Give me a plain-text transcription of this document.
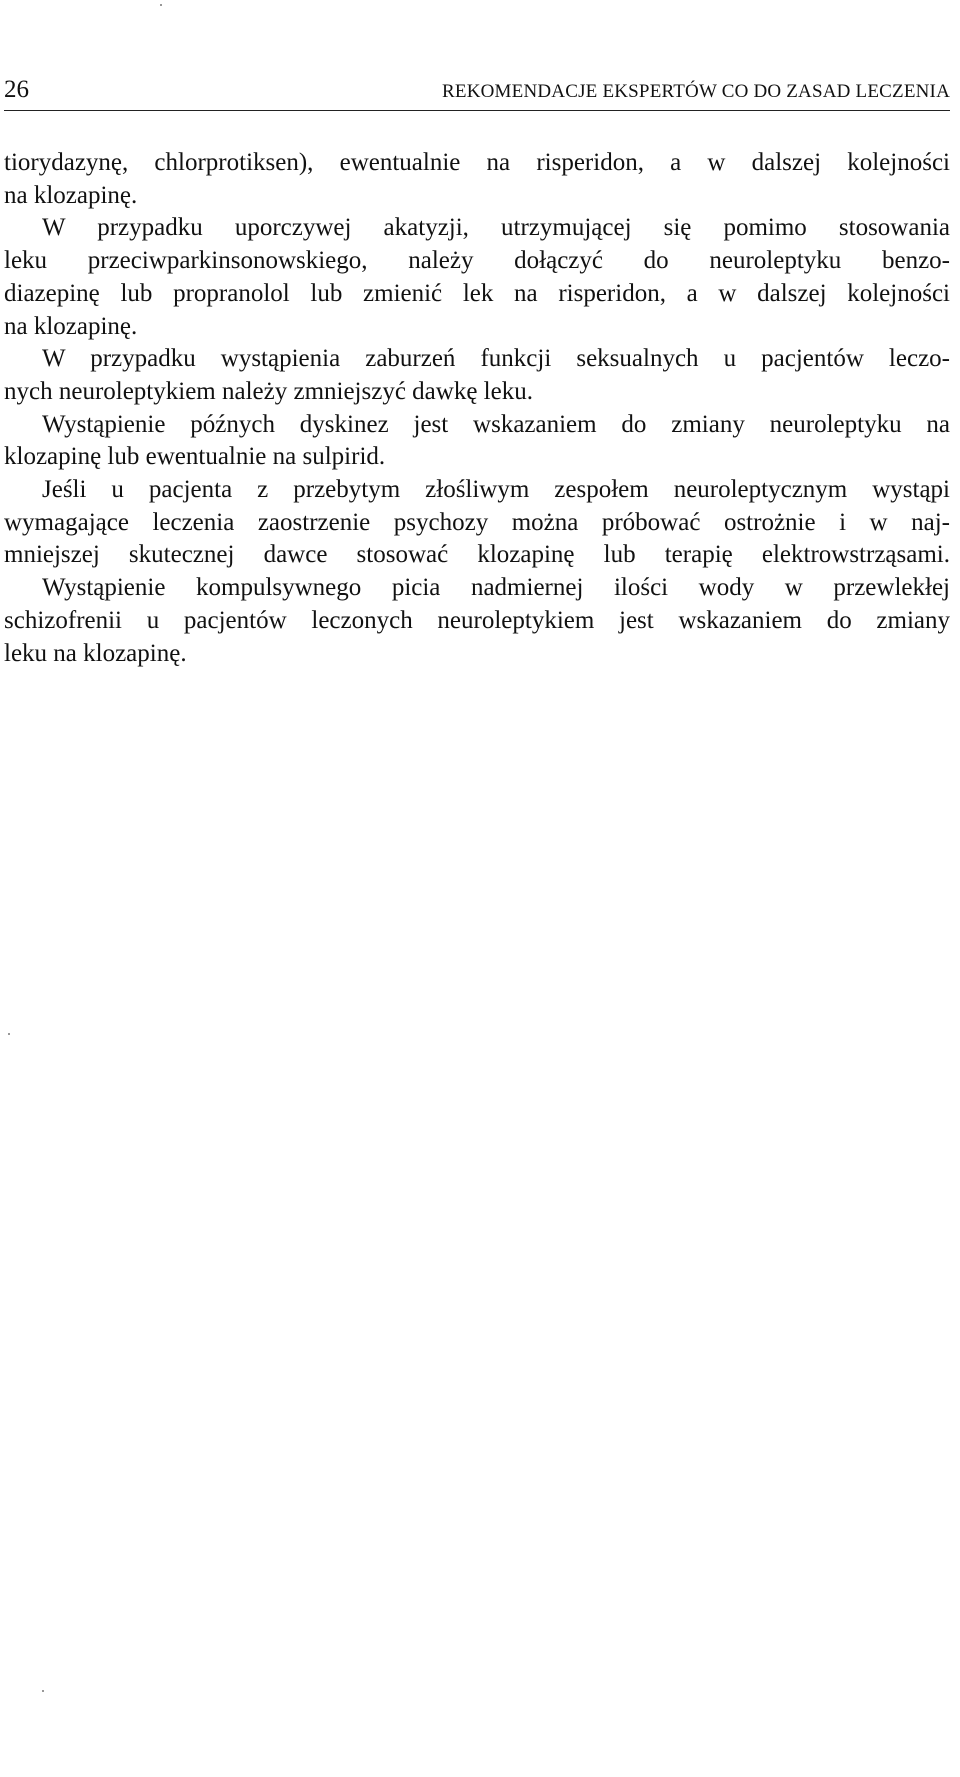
26	REKOMENDACJE EKSPERTÓW CO DO ZASAD LECZENIA
tiorydazynę, chlorprotiksen), ewentualnie na risperidon, a w dalszej kolejności
na klozapinę.
W przypadku uporczywej akatyzji, utrzymującej się pomimo stosowania
leku przeciwparkinsonowskiego, należy dołączyć do neuroleptyku benzo-
diazepinę lub propranolol lub zmienić lek na risperidon, a w dalszej kolejności
na klozapinę.
W przypadku wystąpienia zaburzeń funkcji seksualnych u pacjentów leczo-
nych neuroleptykiem należy zmniejszyć dawkę leku.
Wystąpienie późnych dyskinez jest wskazaniem do zmiany neuroleptyku na
klozapinę lub ewentualnie na sulpirid.
Jeśli u pacjenta z przebytym złośliwym zespołem neuroleptycznym wystąpi
wymagające leczenia zaostrzenie psychozy można próbować ostrożnie i w naj-
mniejszej skutecznej dawce stosować klozapinę lub terapię elektrowstrząsami.
Wystąpienie kompulsywnego picia nadmiernej ilości wody w przewlekłej
schizofrenii u pacjentów leczonych neuroleptykiem jest wskazaniem do zmiany
leku na klozapinę.
